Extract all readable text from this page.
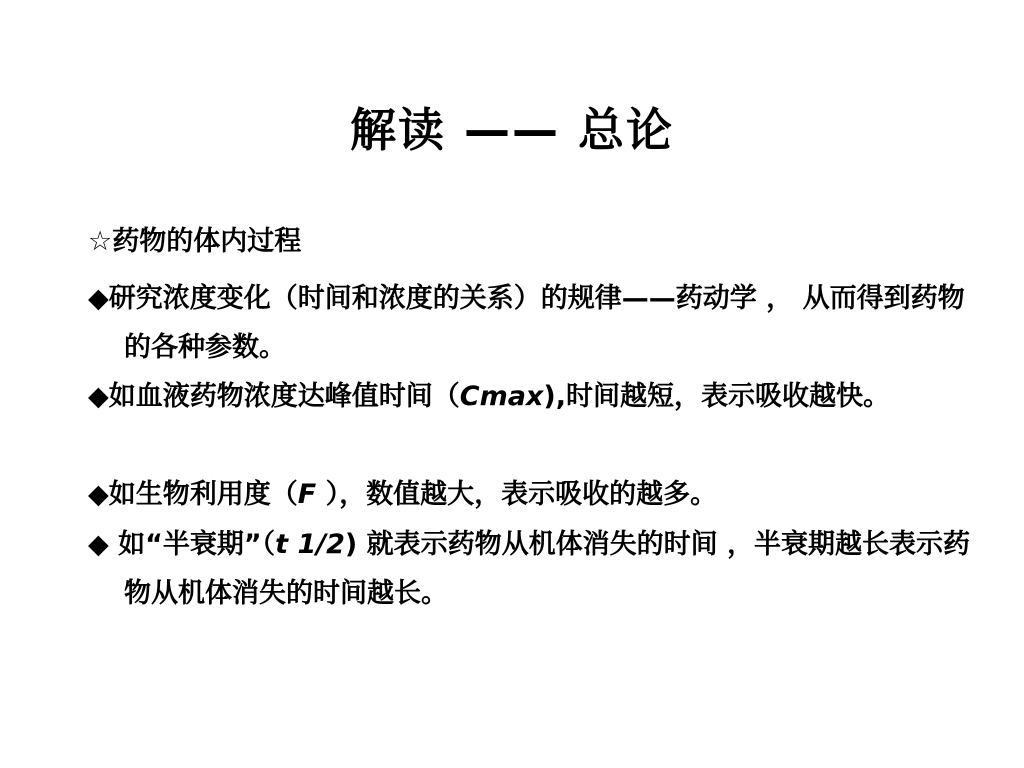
解读 —— 总论
☆药物的体内过程
◆研究浓度变化（时间和浓度的关系）的规律——药动学 ， 从而得到药物的各种参数。
◆如血液药物浓度达峰值时间（Cmax),时间越短，表示吸收越快。
◆如生物利用度（F ），数值越大，表示吸收的越多。
◆ 如“半衰期”（t 1/2) 就表示药物从机体消失的时间 ，半衰期越长表示药物从机体消失的时间越长。
